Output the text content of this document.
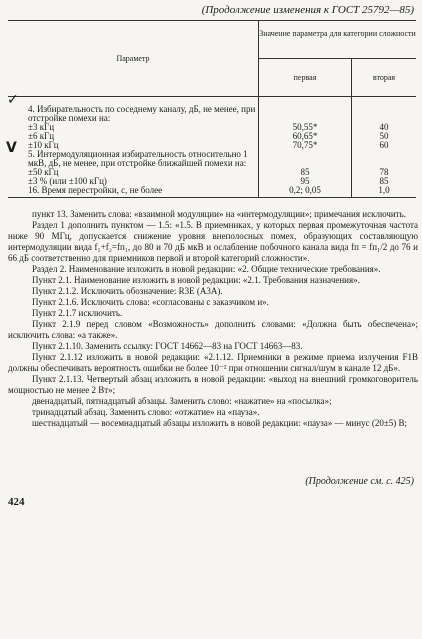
(Продолжение изменения к ГОСТ 25792—85)
Параметр	Значение параметра для категории сложности	
	первая	вторая
4. Избирательность по соседнему каналу, дБ, не менее, при отстройке помехи на:		
±3 кГц	50,55*	40
±6 кГц	60,65*	50
±10 кГц	70,75*	60
5. Интермодуляционная избирательность относительно 1 мкВ, дБ, не менее, при отстройке ближайшей помехи на:		
±50 кГц	85	78
±3 % (или ±100 кГц)	95	85
16. Время перестройки, с, не более	0,2; 0,05	1,0
✓
V

пункт 13. Заменить слова: «взаимной модуляции» на «интермодуляции»; примечания исключить.

Раздел 1 дополнить пунктом — 1.5: «1.5. В приемниках, у которых первая промежуточная частота ниже 90 МГц, допускается снижение уровня внеполосных помех, образующих составляющую интермодуляции вида f₁+f₂=fп₁, до 80 и 70 дБ мкВ и ослабление побочного канала вида fп = fп₁/2 до 76 и 66 дБ соответственно для приемников первой и второй категорий сложности».

Раздел 2. Наименование изложить в новой редакции: «2. Общие технические требования».

Пункт 2.1. Наименование изложить в новой редакции: «2.1. Требования назначения».

Пункт 2.1.2. Исключить обозначение: R3E (A3A).

Пункт 2.1.6. Исключить слова: «согласованы с заказчиком и».

Пункт 2.1.7 исключить.

Пункт 2.1.9 перед словом «Возможность» дополнить словами: «Должна быть обеспечена»; исключить слова: «а также».

Пункт 2.1.10. Заменить ссылку: ГОСТ 14662—83 на ГОСТ 14663—83.

Пункт 2.1.12 изложить в новой редакции: «2.1.12. Приемники в режиме приема излучения F1B должны обеспечивать вероятность ошибки не более 10⁻² при отношении сигнал/шум в канале 12 дБ».

Пункт 2.1.13. Четвертый абзац изложить в новой редакции: «выход на внешний громкоговоритель мощностью не менее 2 Вт»;

двенадцатый, пятнадцатый абзацы. Заменить слово: «нажатие» на «посылка»;

тринадцатый абзац. Заменить слово: «отжатие» на «пауза».

шестнадцатый — восемнадцатый абзацы изложить в новой редакции: «пауза» — минус (20±5) В;

(Продолжение см. с. 425)
424
